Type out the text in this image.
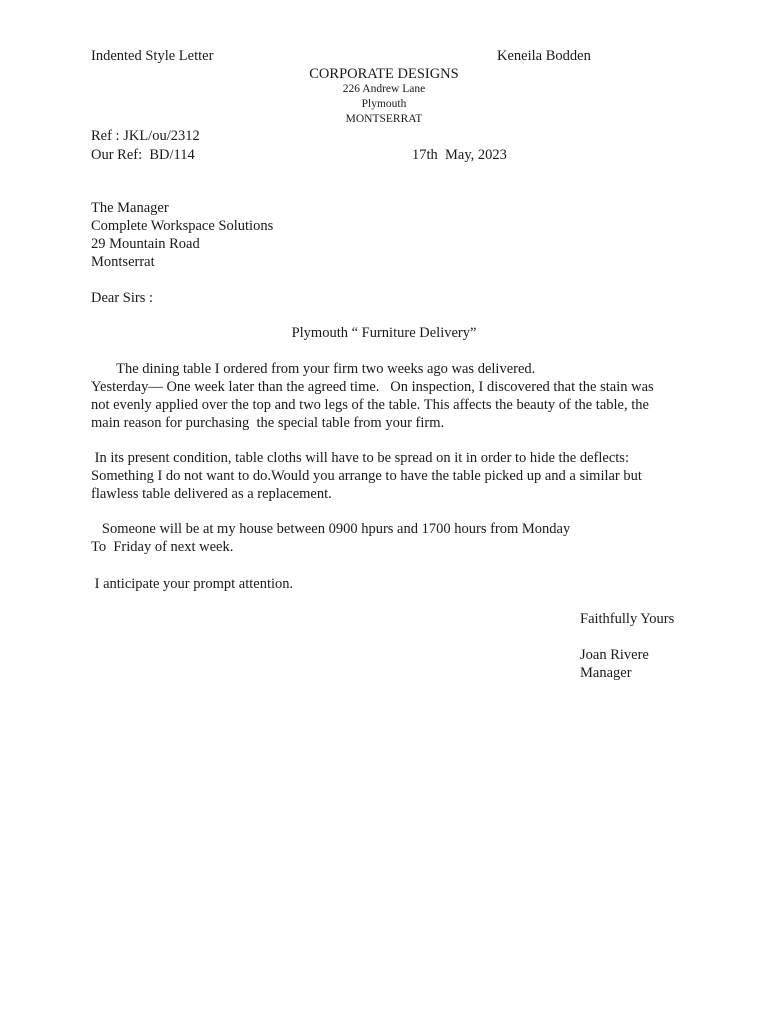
Indented Style Letter	Keneila Bodden
CORPORATE DESIGNS
226 Andrew Lane
Plymouth
MONTSERRAT
Ref : JKL/ou/2312
Our Ref:  BD/114	17th  May, 2023
The Manager
Complete Workspace Solutions
29 Mountain Road
Montserrat
Dear Sirs :
Plymouth “ Furniture Delivery”
The dining table I ordered from your firm two weeks ago was delivered.
Yesterday— One week later than the agreed time.   On inspection, I discovered that the stain was
not evenly applied over the top and two legs of the table. This affects the beauty of the table, the
main reason for purchasing  the special table from your firm.
In its present condition, table cloths will have to be spread on it in order to hide the deflects:
Something I do not want to do.Would you arrange to have the table picked up and a similar but
flawless table delivered as a replacement.
Someone will be at my house between 0900 hpurs and 1700 hours from Monday
To  Friday of next week.
I anticipate your prompt attention.
Faithfully Yours
Joan Rivere
Manager
